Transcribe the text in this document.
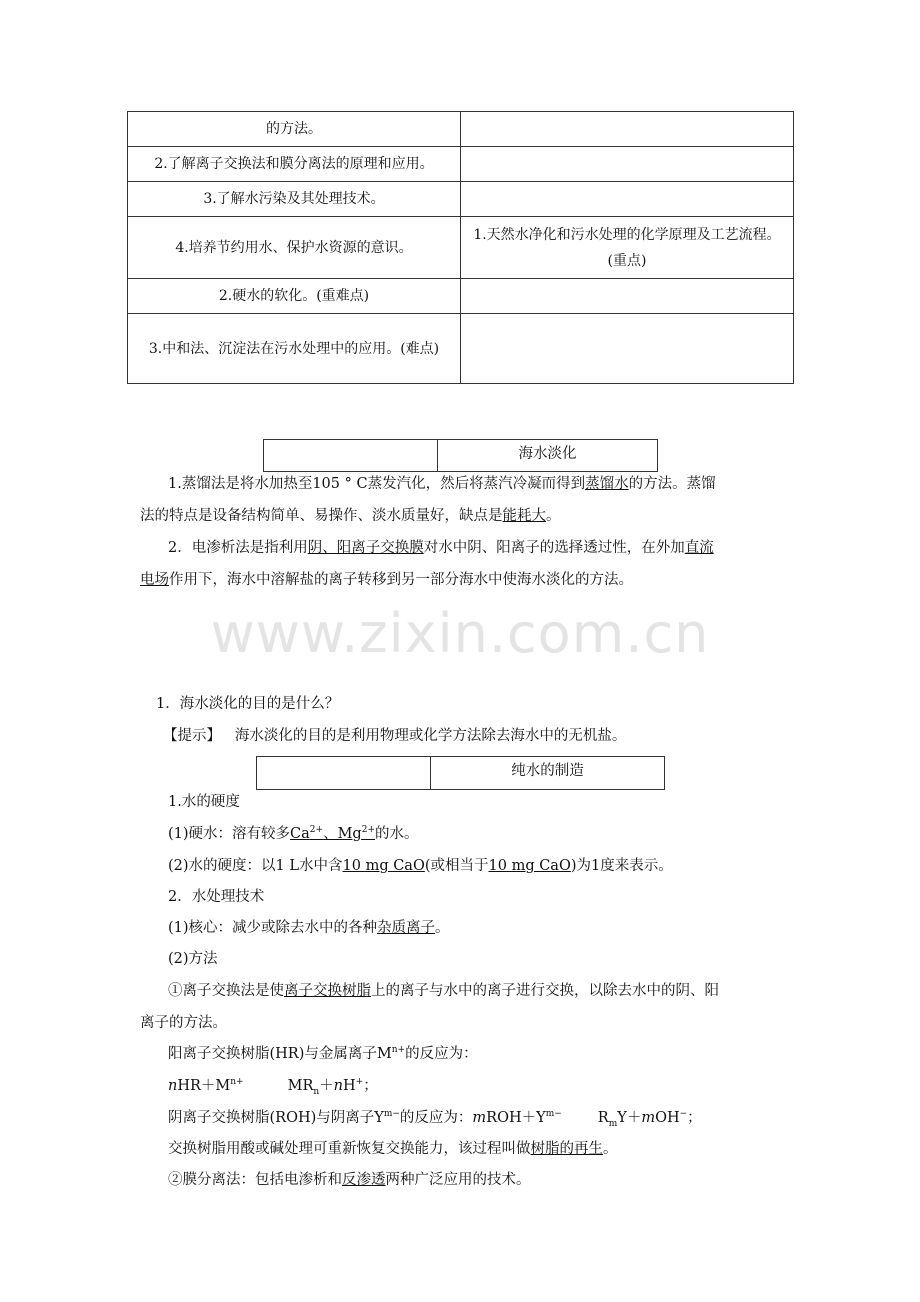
的方法。	
2.了解离子交换法和膜分离法的原理和应用。	
3.了解水污染及其处理技术。	
4.培养节约用水、保护水资源的意识。	1.天然水净化和污水处理的化学原理及工艺流程。(重点)
2.硬水的软化。(重难点)	
3.中和法、沉淀法在污水处理中的应用。(难点)	
海水淡化
1.蒸馏法是将水加热至105 ° C蒸发汽化，然后将蒸汽冷凝而得到蒸馏水的方法。蒸馏
法的特点是设备结构简单、易操作、淡水质量好，缺点是能耗大。
2．电渗析法是指利用阴、阳离子交换膜对水中阴、阳离子的选择透过性，在外加直流
电场作用下，海水中溶解盐的离子转移到另一部分海水中使海水淡化的方法。
www.zixin.com.cn
1．海水淡化的目的是什么？
【提示】 海水淡化的目的是利用物理或化学方法除去海水中的无机盐。
纯水的制造
1.水的硬度
(1)硬水：溶有较多$Ca^{2+}$、$Mg^{2+}$的水。
(2)水的硬度：以1 L水中含10 mg CaO(或相当于10 mg CaO)为1度来表示。
2．水处理技术
(1)核心：减少或除去水中的各种杂质离子。
(2)方法
①离子交换法是使离子交换树脂上的离子与水中的离子进行交换，以除去水中的阴、阳
离子的方法。
阳离子交换树脂(HR)与金属离子$M^{n+}$的反应为：
$nHR+M^{n+}$	$MR_n+nH^+$；
阴离子交换树脂(ROH)与阴离子$Y^{m-}$的反应为：$mROH+Y^{m-}$ $R_mY+mOH^-$；
交换树脂用酸或碱处理可重新恢复交换能力，该过程叫做树脂的再生。
②膜分离法：包括电渗析和反渗透两种广泛应用的技术。
